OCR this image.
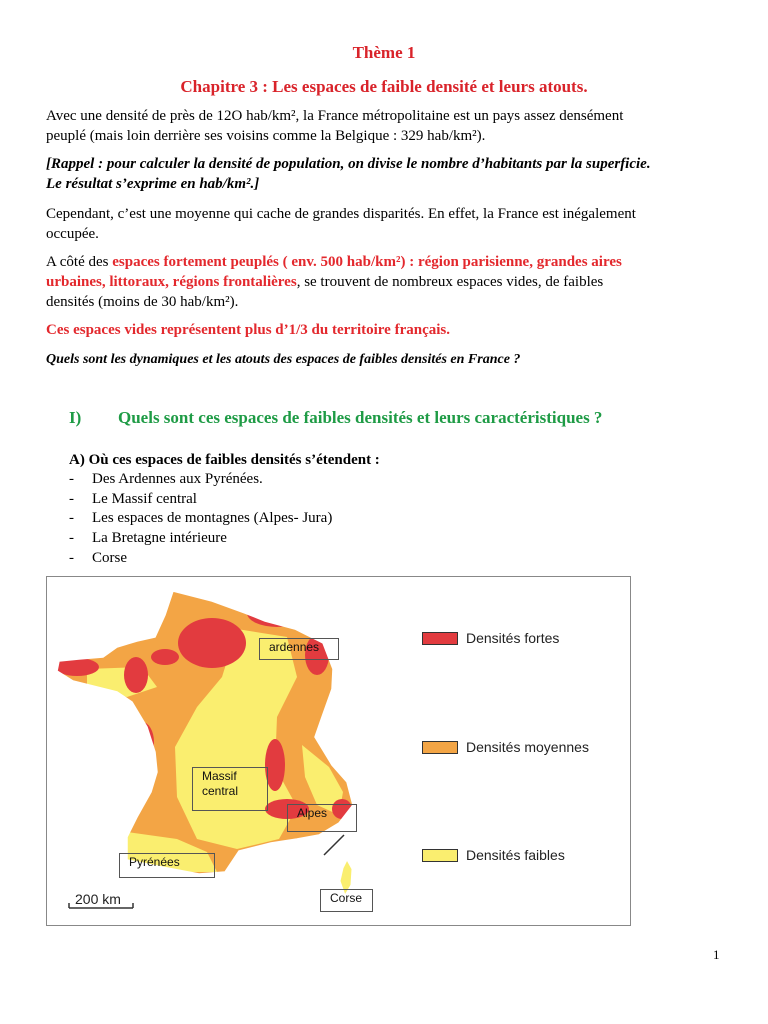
Thème 1
Chapitre 3 : Les espaces de faible densité et leurs atouts.
Avec une densité de près de 12O hab/km², la France métropolitaine est un pays assez densément
peuplé (mais loin derrière ses voisins comme la Belgique : 329 hab/km²).
[Rappel : pour calculer la densité de population, on divise le nombre d’habitants par la superficie.
Le résultat s’exprime en hab/km².]
Cependant, c’est une moyenne qui cache de grandes disparités. En effet, la France est inégalement
occupée.
A côté des espaces fortement peuplés ( env. 500 hab/km²) : région parisienne, grandes aires
urbaines, littoraux, régions frontalières, se trouvent de nombreux espaces vides, de faibles
densités (moins de 30 hab/km²).
Ces espaces vides représentent plus d’1/3 du territoire français.
Quels sont les dynamiques et les atouts des espaces de faibles densités en France ?
I) Quels sont ces espaces de faibles densités et leurs caractéristiques ?
A) Où ces espaces de faibles densités s’étendent :
- Des Ardennes aux Pyrénées.
- Le Massif central
- Les espaces de montagnes (Alpes- Jura)
- La Bretagne intérieure
- Corse
200 km
ardennes
Massif
central
Alpes
Pyrénées
Corse
Densités fortes
Densités moyennes
Densités faibles
1
